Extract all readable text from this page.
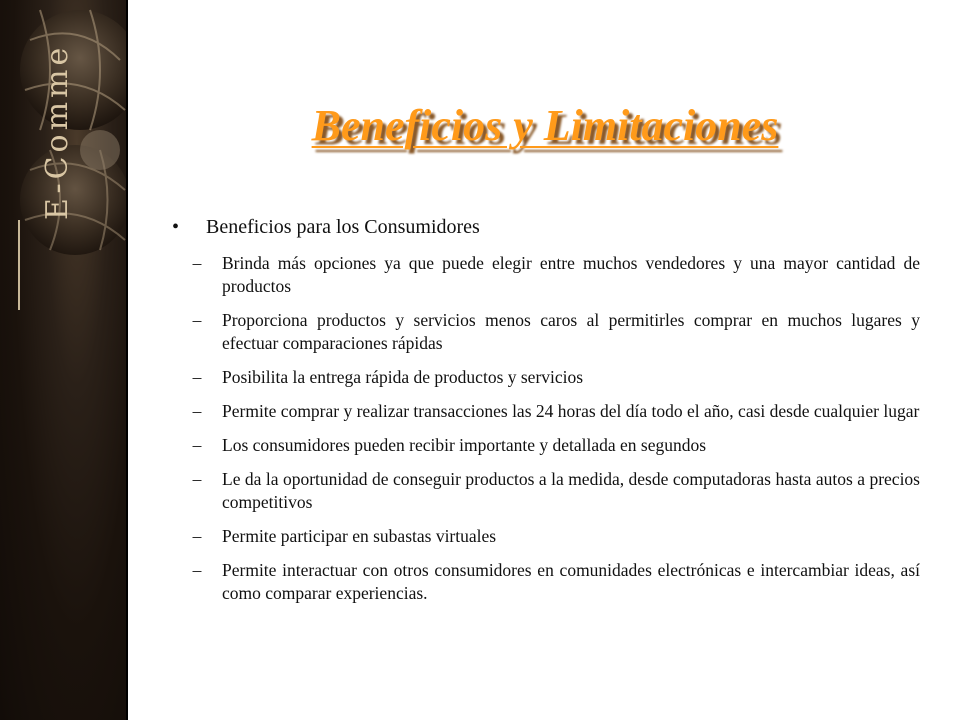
E-Comme	Beneficios y Limitaciones
•	Beneficios para los Consumidores
–	Brinda más opciones ya que puede elegir entre muchos vendedores y una mayor cantidad de productos
–	Proporciona productos y servicios menos caros al permitirles comprar en muchos lugares y efectuar comparaciones rápidas
–	Posibilita la entrega rápida de productos y servicios
–	Permite comprar y realizar transacciones las 24 horas del día todo el año, casi desde cualquier lugar
–	Los consumidores pueden recibir importante y detallada en segundos
–	Le da la oportunidad de conseguir productos a la medida, desde computadoras hasta autos a precios competitivos
–	Permite participar en subastas virtuales
–	Permite interactuar con otros consumidores en comunidades electrónicas e intercambiar ideas, así como comparar experiencias.
